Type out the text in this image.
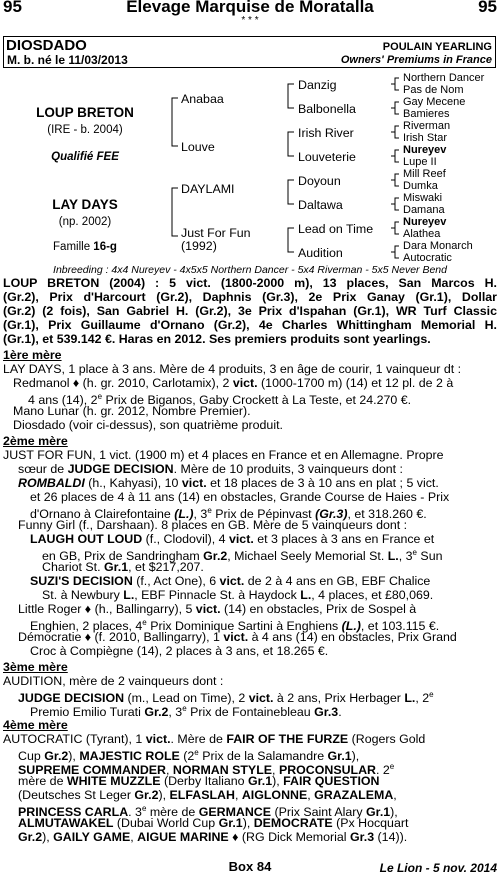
95	Elevage Marquise de Moratalla	95
* * *
DIOSDADO
M. b. né le 11/03/2013
POULAIN YEARLING
Owners' Premiums in France
LOUP BRETON
(IRE - b. 2004)
Qualifié FEE
LAY DAYS
(np. 2002)
Famille 16-g
Anabaa
Louve
DAYLAMI
Just For Fun
(1992)
Danzig
Balbonella
Irish River
Louveterie
Doyoun
Daltawa
Lead on Time
Audition
Northern Dancer
Pas de Nom
Gay Mecene
Bamieres
Riverman
Irish Star
Nureyev
Lupe II
Mill Reef
Dumka
Miswaki
Damana
Nureyev
Alathea
Dara Monarch
Autocratic
Inbreeding : 4x4 Nureyev - 4x5x5 Northern Dancer - 5x4 Riverman - 5x5 Never Bend
LOUP BRETON (2004) : 5 vict. (1800-2000 m), 13 places, San Marcos H.
(Gr.2), Prix d'Harcourt (Gr.2), Daphnis (Gr.3), 2e Prix Ganay (Gr.1), Dollar
(Gr.2) (2 fois), San Gabriel H. (Gr.2), 3e Prix d'Ispahan (Gr.1), WR Turf Classic
(Gr.1), Prix Guillaume d'Ornano (Gr.2), 4e Charles Whittingham Memorial H.
(Gr.1), et 539.142 €. Haras en 2012. Ses premiers produits sont yearlings.
1ère mère
LAY DAYS, 1 place à 3 ans. Mère de 4 produits, 3 en âge de courir, 1 vainqueur dt :
Redmanol ♦ (h. gr. 2010, Carlotamix), 2 vict. (1000-1700 m) (14) et 12 pl. de 2 à
4 ans (14), 2e Prix de Biganos, Gaby Crockett à La Teste, et 24.270 €.
Mano Lunar (h. gr. 2012, Nombre Premier).
Diosdado (voir ci-dessus), son quatrième produit.
2ème mère
JUST FOR FUN, 1 vict. (1900 m) et 4 places en France et en Allemagne. Propre
sœur de JUDGE DECISION. Mère de 10 produits, 3 vainqueurs dont :
ROMBALDI (h., Kahyasi), 10 vict. et 18 places de 3 à 10 ans en plat ; 5 vict.
et 26 places de 4 à 11 ans (14) en obstacles, Grande Course de Haies - Prix
d'Ornano à Clairefontaine (L.), 3e Prix de Pépinvast (Gr.3), et 318.260 €.
Funny Girl (f., Darshaan). 8 places en GB. Mère de 5 vainqueurs dont :
LAUGH OUT LOUD (f., Clodovil), 4 vict. et 3 places à 3 ans en France et
en GB, Prix de Sandringham Gr.2, Michael Seely Memorial St. L., 3e Sun
Chariot St. Gr.1, et $217,207.
SUZI'S DECISION (f., Act One), 6 vict. de 2 à 4 ans en GB, EBF Chalice
St. à Newbury L., EBF Pinnacle St. à Haydock L., 4 places, et £80,069.
Little Roger ♦ (h., Ballingarry), 5 vict. (14) en obstacles, Prix de Sospel à
Enghien, 2 places, 4e Prix Dominique Sartini à Enghiens (L.), et 103.115 €.
Démocratie ♦ (f. 2010, Ballingarry), 1 vict. à 4 ans (14) en obstacles, Prix Grand
Croc à Compiègne (14), 2 places à 3 ans, et 18.265 €.
3ème mère
AUDITION, mère de 2 vainqueurs dont :
JUDGE DECISION (m., Lead on Time), 2 vict. à 2 ans, Prix Herbager L., 2e
Premio Emilio Turati Gr.2, 3e Prix de Fontainebleau Gr.3.
4ème mère
AUTOCRATIC (Tyrant), 1 vict.. Mère de FAIR OF THE FURZE (Rogers Gold
Cup Gr.2), MAJESTIC ROLE (2e Prix de la Salamandre Gr.1),
SUPREME COMMANDER, NORMAN STYLE, PROCONSULAR. 2e
mère de WHITE MUZZLE (Derby Italiano Gr.1), FAIR QUESTION
(Deutsches St Leger Gr.2), ELFASLAH, AIGLONNE, GRAZALEMA,
PRINCESS CARLA. 3e mère de GERMANCE (Prix Saint Alary Gr.1),
ALMUTAWAKEL (Dubai World Cup Gr.1), DEMOCRATE (Px Hocquart
Gr.2), GAILY GAME, AIGUE MARINE ♦ (RG Dick Memorial Gr.3 (14)).
Box 84	Le Lion - 5 nov. 2014
